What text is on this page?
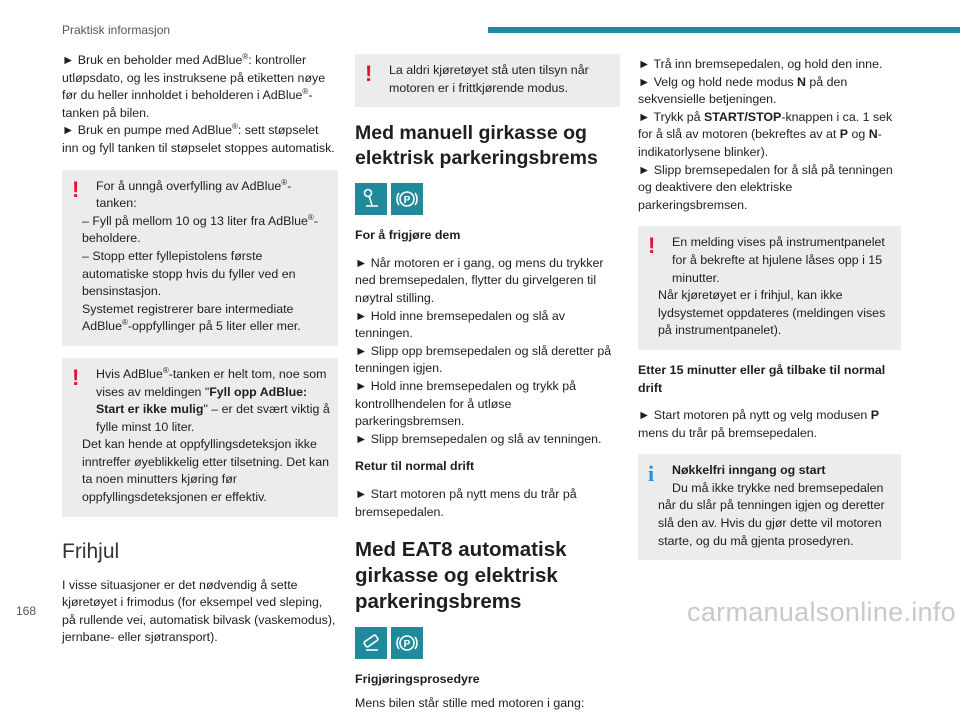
Praktisk informasjon

► Bruk en beholder med AdBlue®: kontroller utløpsdato, og les instruksene på etiketten nøye før du heller innholdet i beholderen i AdBlue®-tanken på bilen.

► Bruk en pumpe med AdBlue®: sett støpselet inn og fyll tanken til støpselet stoppes automatisk.

!	For å unngå overfylling av AdBlue®-tanken:

– Fyll på mellom 10 og 13 liter fra AdBlue®-beholdere.

– Stopp etter fyllepistolens første automatiske stopp hvis du fyller ved en bensinstasjon.

Systemet registrerer bare intermediate AdBlue®-oppfyllinger på 5 liter eller mer.

!	Hvis AdBlue®-tanken er helt tom, noe som vises av meldingen "Fyll opp AdBlue: Start er ikke mulig" – er det svært viktig å fylle minst 10 liter.

Det kan hende at oppfyllingsdeteksjon ikke inntreffer øyeblikkelig etter tilsetning. Det kan ta noen minutters kjøring før oppfyllingsdeteksjonen er effektiv.

Frihjul

I visse situasjoner er det nødvendig å sette kjøretøyet i frimodus (for eksempel ved sleping, på rullende vei, automatisk bilvask (vaskemodus), jernbane- eller sjøtransport).

!	La aldri kjøretøyet stå uten tilsyn når motoren er i frittkjørende modus.

Med manuell girkasse og elektrisk parkeringsbrems
P
For å frigjøre dem

► Når motoren er i gang, og mens du trykker ned bremsepedalen, flytter du girvelgeren til nøytral stilling.

► Hold inne bremsepedalen og slå av tenningen.

► Slipp opp bremsepedalen og slå deretter på tenningen igjen.

► Hold inne bremsepedalen og trykk på kontrollhendelen for å utløse parkeringsbremsen.

► Slipp bremsepedalen og slå av tenningen.

Retur til normal drift

► Start motoren på nytt mens du trår på bremsepedalen.

Med EAT8 automatisk girkasse og elektrisk parkeringsbrems
P
Frigjøringsprosedyre

Mens bilen står stille med motoren i gang:

► Trå inn bremsepedalen, og hold den inne.

► Velg og hold nede modus N på den sekvensielle betjeningen.

► Trykk på START/STOP-knappen i ca. 1 sek for å slå av motoren (bekreftes av at P og N-indikatorlysene blinker).

► Slipp bremsepedalen for å slå på tenningen og deaktivere den elektriske parkeringsbremsen.

!	En melding vises på instrumentpanelet for å bekrefte at hjulene låses opp i 15 minutter.

Når kjøretøyet er i frihjul, kan ikke lydsystemet oppdateres (meldingen vises på instrumentpanelet).

Etter 15 minutter eller gå tilbake til normal drift

► Start motoren på nytt og velg modusen P mens du trår på bremsepedalen.

i	Nøkkelfri inngang og start

Du må ikke trykke ned bremsepedalen når du slår på tenningen igjen og deretter slå den av. Hvis du gjør dette vil motoren starte, og du må gjenta prosedyren.

168	carmanualsonline.info
